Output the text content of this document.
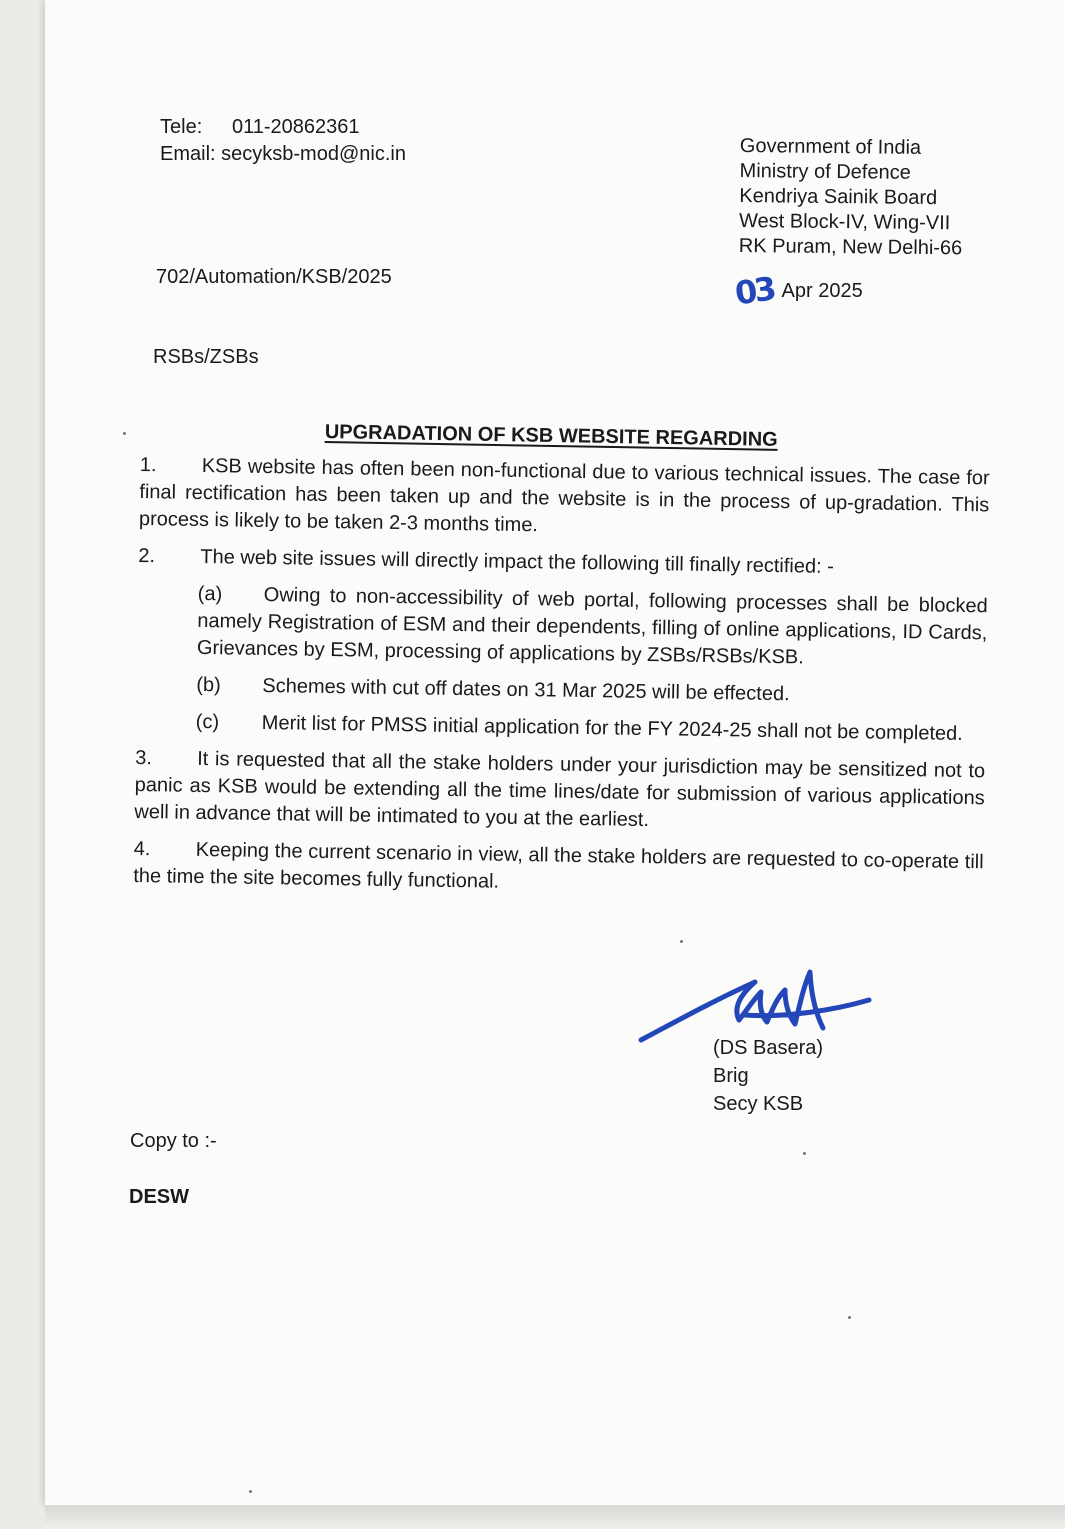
Tele: 011-20862361
Email: secyksb-mod@nic.in	Government of India
Ministry of Defence
Kendriya Sainik Board
West Block-IV, Wing-VII
RK Puram, New Delhi-66
702/Automation/KSB/2025	03 Apr 2025
RSBs/ZSBs
UPGRADATION OF KSB WEBSITE REGARDING
1. KSB website has often been non-functional due to various technical issues. The case for final rectification has been taken up and the website is in the process of up-gradation. This process is likely to be taken 2-3 months time.
2. The web site issues will directly impact the following till finally rectified: -
(a) Owing to non-accessibility of web portal, following processes shall be blocked namely Registration of ESM and their dependents, filling of online applications, ID Cards, Grievances by ESM, processing of applications by ZSBs/RSBs/KSB.
(b) Schemes with cut off dates on 31 Mar 2025 will be effected.
(c) Merit list for PMSS initial application for the FY 2024-25 shall not be completed.
3. It is requested that all the stake holders under your jurisdiction may be sensitized not to panic as KSB would be extending all the time lines/date for submission of various applications well in advance that will be intimated to you at the earliest.
4. Keeping the current scenario in view, all the stake holders are requested to co-operate till the time the site becomes fully functional.
(DS Basera)
Brig
Secy KSB
Copy to :-
DESW
